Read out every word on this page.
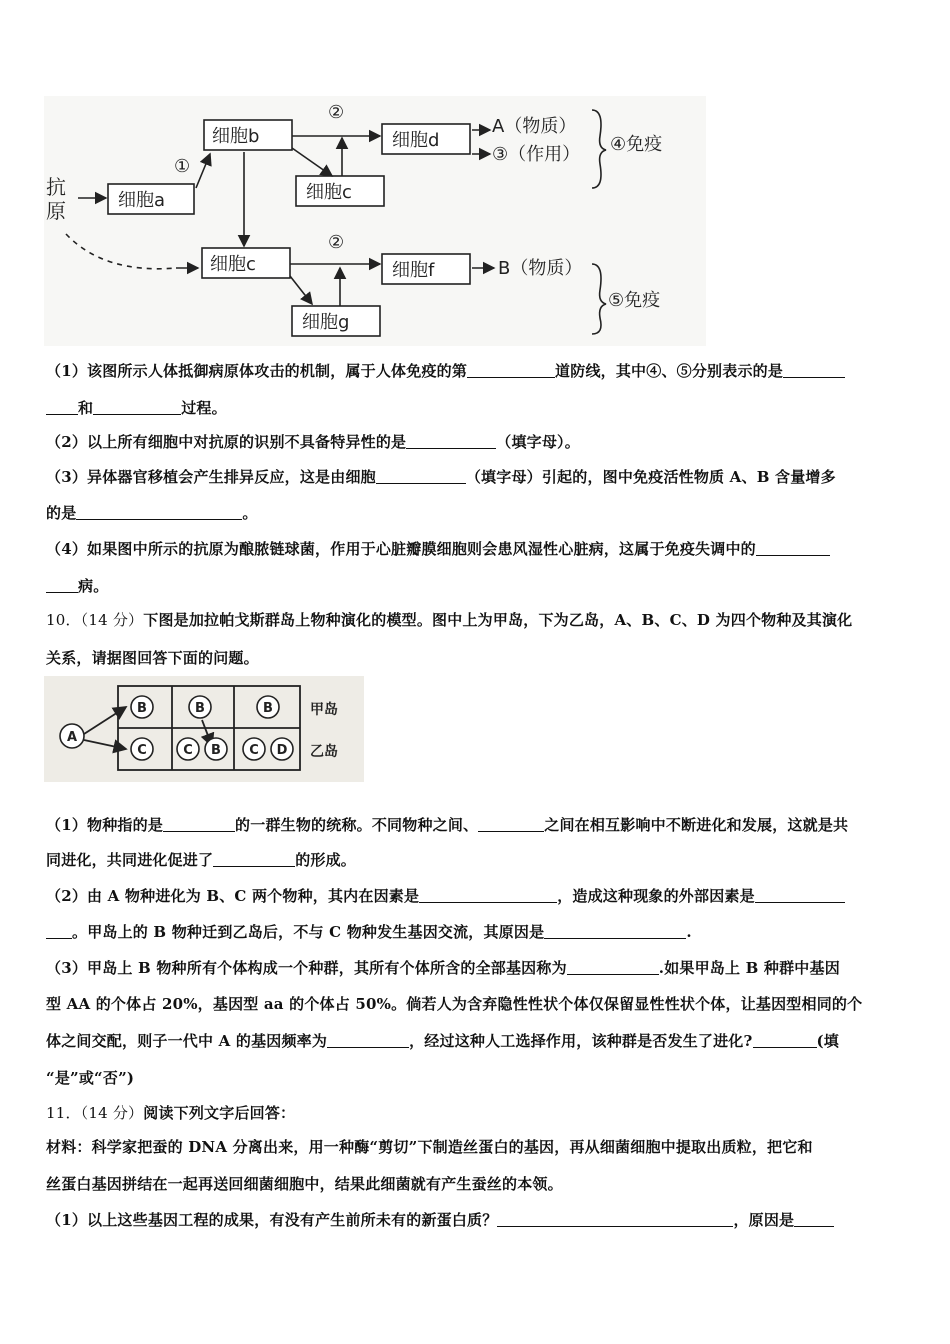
抗
原	细胞a
细胞b
细胞c
细胞d
细胞c	细胞f
细胞g
①
②
②
A（物质）
③（作用）
B（物质）
④免疫
⑤免疫
（1）该图所示人体抵御病原体攻击的机制，属于人体免疫的第	道防线，其中④、⑤分别表示的是
和	过程。
（2）以上所有细胞中对抗原的识别不具备特异性的是	（填字母）。
（3）异体器官移植会产生排异反应，这是由细胞	（填字母）引起的，图中免疫活性物质 A、B 含量增多
的是	。
（4）如果图中所示的抗原为酿脓链球菌，作用于心脏瓣膜细胞则会患风湿性心脏病，这属于免疫失调中的
病。
10．（14 分）下图是加拉帕戈斯群岛上物种演化的模型。图中上为甲岛，下为乙岛，A、B、C、D 为四个物种及其演化
关系，请据图回答下面的问题。
A
B	B	B
C	C B C D
甲岛
乙岛
（1）物种指的是	的一群生物的统称。不同物种之间、	之间在相互影响中不断进化和发展，这就是共
同进化，共同进化促进了	的形成。
（2）由 A 物种进化为 B、C 两个物种，其内在因素是	，造成这种现象的外部因素是
。甲岛上的 B 物种迁到乙岛后，不与 C 物种发生基因交流，其原因是	.
（3）甲岛上 B 物种所有个体构成一个种群，其所有个体所含的全部基因称为	.如果甲岛上 B 种群中基因
型 AA 的个体占 20%，基因型 aa 的个体占 50%。倘若人为含弃隐性性状个体仅保留显性性状个体，让基因型相同的个
体之间交配，则子一代中 A 的基因频率为	，经过这种人工选择作用，该种群是否发生了进化?	(填
“是”或“否”)
11．（14 分）阅读下列文字后回答：
材料：科学家把蚕的 DNA 分离出来，用一种酶“剪切”下制造丝蛋白的基因，再从细菌细胞中提取出质粒，把它和
丝蛋白基因拼结在一起再送回细菌细胞中，结果此细菌就有产生蚕丝的本领。
（1）以上这些基因工程的成果，有没有产生前所未有的新蛋白质？	，原因是
